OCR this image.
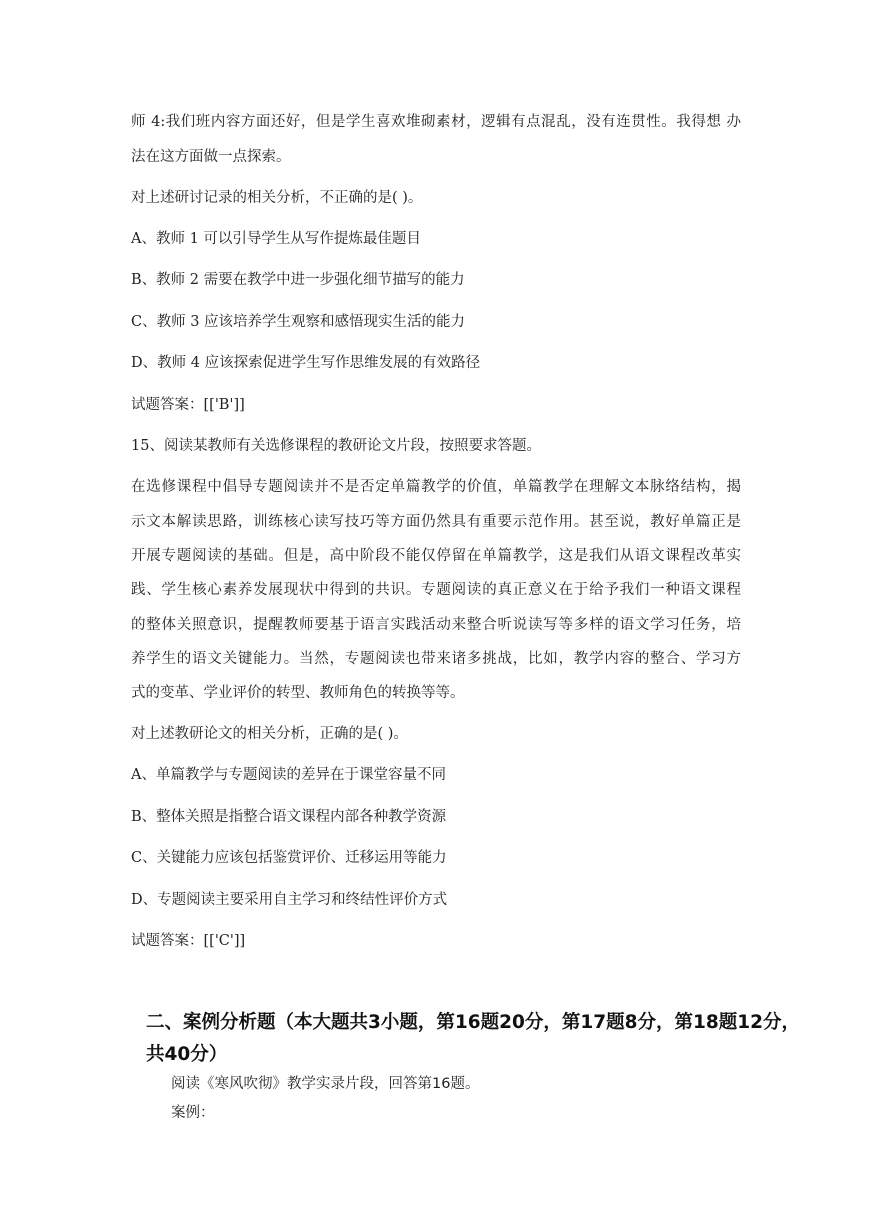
师 4:我们班内容方面还好，但是学生喜欢堆砌素材，逻辑有点混乱，没有连贯性。我得想 办
法在这方面做一点探索。
对上述研讨记录的相关分析，不正确的是( )。
A、教师 1 可以引导学生从写作提炼最佳题目
B、教师 2 需要在教学中进一步强化细节描写的能力
C、教师 3 应该培养学生观察和感悟现实生活的能力
D、教师 4 应该探索促进学生写作思维发展的有效路径
试题答案：[['B']]
15、阅读某教师有关选修课程的教研论文片段，按照要求答题。
在选修课程中倡导专题阅读并不是否定单篇教学的价值，单篇教学在理解文本脉络结构，揭
示文本解读思路，训练核心读写技巧等方面仍然具有重要示范作用。甚至说，教好单篇正是
开展专题阅读的基础。但是，高中阶段不能仅停留在单篇教学，这是我们从语文课程改革实
践、学生核心素养发展现状中得到的共识。专题阅读的真正意义在于给予我们一种语文课程
的整体关照意识，提醒教师要基于语言实践活动来整合听说读写等多样的语文学习任务，培
养学生的语文关键能力。当然，专题阅读也带来诸多挑战，比如，教学内容的整合、学习方
式的变革、学业评价的转型、教师角色的转换等等。
对上述教研论文的相关分析，正确的是( )。
A、单篇教学与专题阅读的差异在于课堂容量不同
B、整体关照是指整合语文课程内部各种教学资源
C、关键能力应该包括鉴赏评价、迁移运用等能力
D、专题阅读主要采用自主学习和终结性评价方式
试题答案：[['C']]
二、案例分析题（本大题共3小题，第16题20分，第17题8分，第18题12分，
共40分）
阅读《寒风吹彻》教学实录片段，回答第16题。
案例：
